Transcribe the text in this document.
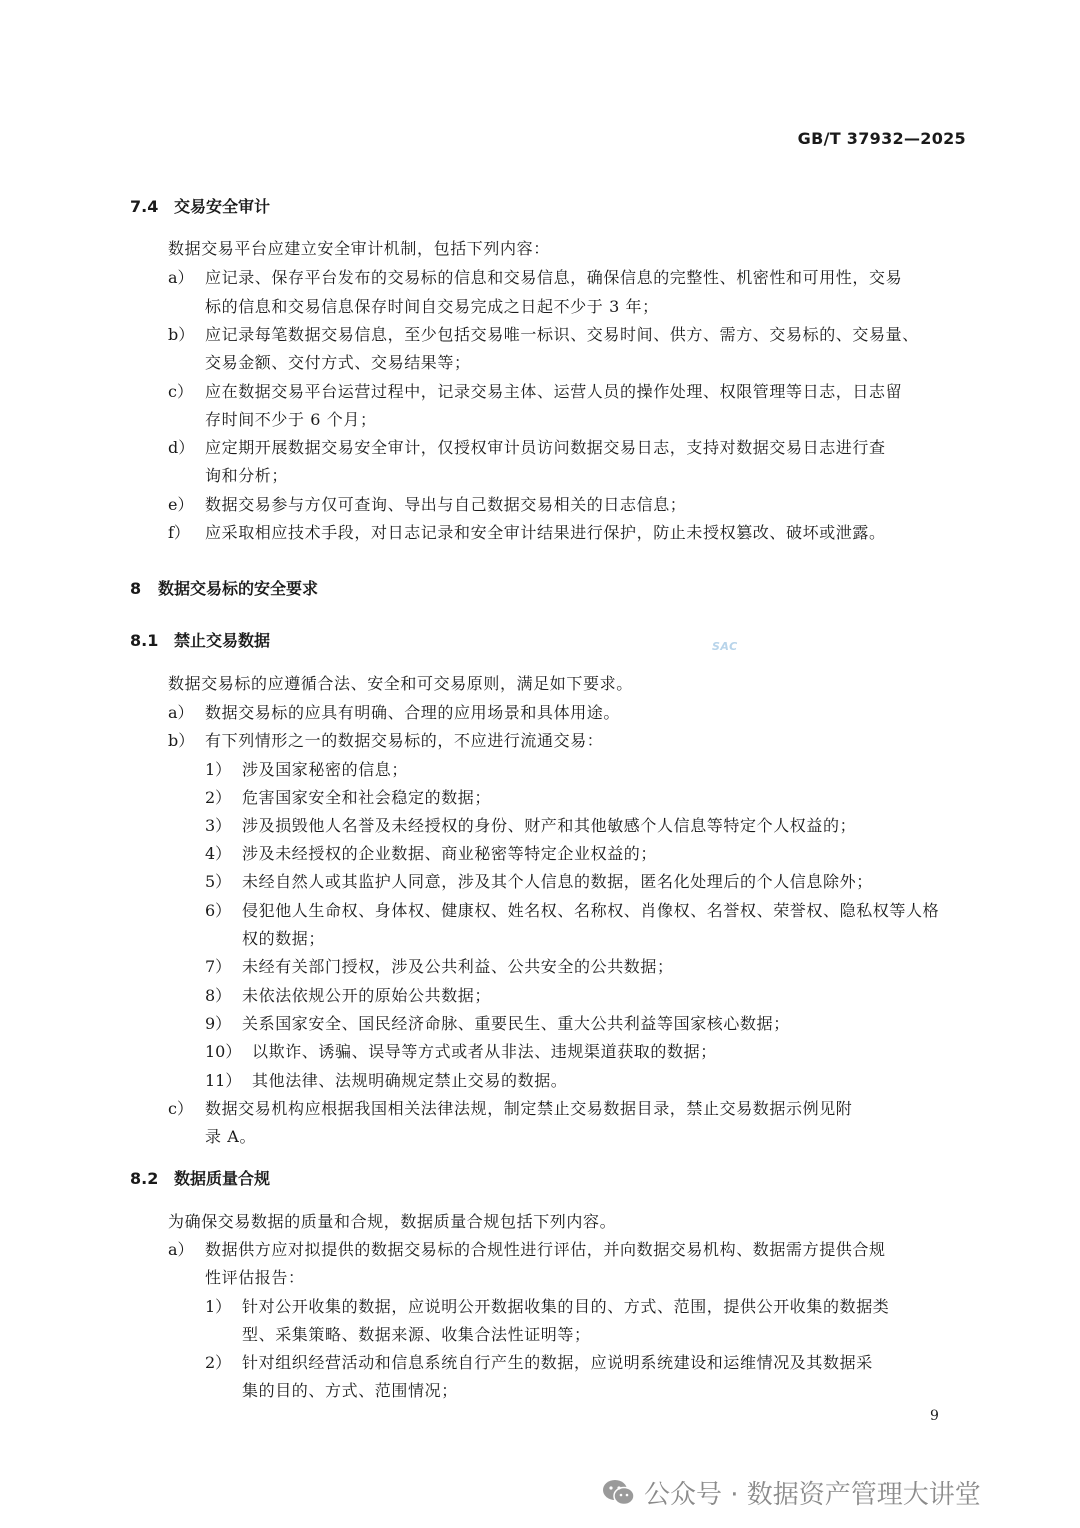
GB/T 37932—2025
7.4 交易安全审计
数据交易平台应建立安全审计机制，包括下列内容：
a） 应记录、保存平台发布的交易标的信息和交易信息，确保信息的完整性、机密性和可用性，交易
标的信息和交易信息保存时间自交易完成之日起不少于 3 年；
b） 应记录每笔数据交易信息，至少包括交易唯一标识、交易时间、供方、需方、交易标的、交易量、
交易金额、交付方式、交易结果等；
c） 应在数据交易平台运营过程中，记录交易主体、运营人员的操作处理、权限管理等日志，日志留
存时间不少于 6 个月；
d） 应定期开展数据交易安全审计，仅授权审计员访问数据交易日志，支持对数据交易日志进行查
询和分析；
e） 数据交易参与方仅可查询、导出与自己数据交易相关的日志信息；
f） 应采取相应技术手段，对日志记录和安全审计结果进行保护，防止未授权篡改、破坏或泄露。
8 数据交易标的安全要求
8.1 禁止交易数据	SAC
数据交易标的应遵循合法、安全和可交易原则，满足如下要求。
a） 数据交易标的应具有明确、合理的应用场景和具体用途。
b） 有下列情形之一的数据交易标的，不应进行流通交易：
1） 涉及国家秘密的信息；
2） 危害国家安全和社会稳定的数据；
3） 涉及损毁他人名誉及未经授权的身份、财产和其他敏感个人信息等特定个人权益的；
4） 涉及未经授权的企业数据、商业秘密等特定企业权益的；
5） 未经自然人或其监护人同意，涉及其个人信息的数据，匿名化处理后的个人信息除外；
6） 侵犯他人生命权、身体权、健康权、姓名权、名称权、肖像权、名誉权、荣誉权、隐私权等人格
权的数据；
7） 未经有关部门授权，涉及公共利益、公共安全的公共数据；
8） 未依法依规公开的原始公共数据；
9） 关系国家安全、国民经济命脉、重要民生、重大公共利益等国家核心数据；
10） 以欺诈、诱骗、误导等方式或者从非法、违规渠道获取的数据；
11） 其他法律、法规明确规定禁止交易的数据。
c） 数据交易机构应根据我国相关法律法规，制定禁止交易数据目录，禁止交易数据示例见附
录 A。
8.2 数据质量合规
为确保交易数据的质量和合规，数据质量合规包括下列内容。
a） 数据供方应对拟提供的数据交易标的合规性进行评估，并向数据交易机构、数据需方提供合规
性评估报告：
1） 针对公开收集的数据，应说明公开数据收集的目的、方式、范围，提供公开收集的数据类
型、采集策略、数据来源、收集合法性证明等；
2） 针对组织经营活动和信息系统自行产生的数据，应说明系统建设和运维情况及其数据采
集的目的、方式、范围情况；
9
公众号 · 数据资产管理大讲堂
